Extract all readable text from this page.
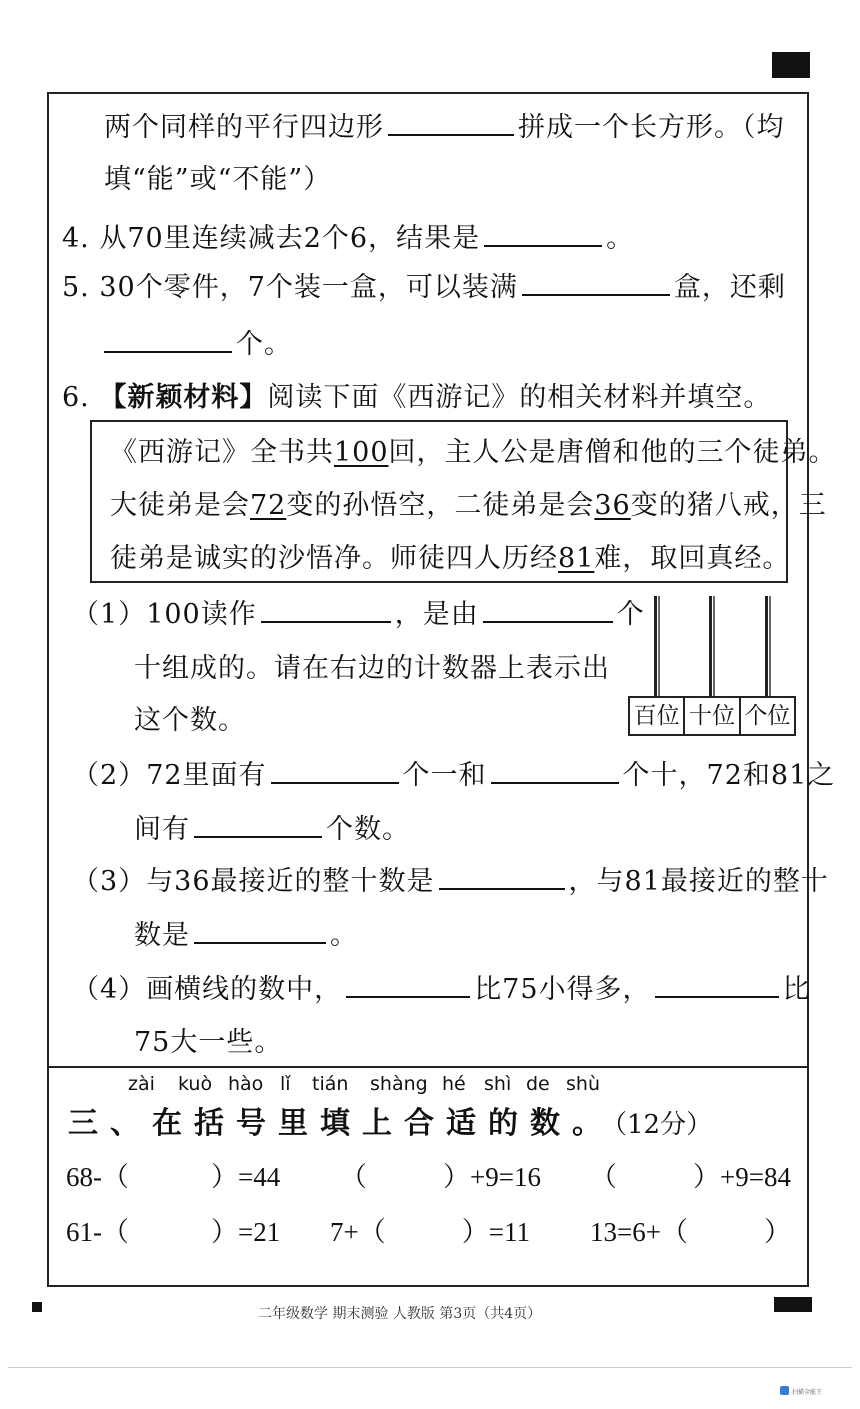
两个同样的平行四边形	拼成一个长方形。（均
填“能”或“不能”）
4. 从70里连续减去2个6，结果是	。
5. 30个零件，7个装一盒，可以装满	盒，还剩
个。
6. 【新颖材料】阅读下面《西游记》的相关材料并填空。
《西游记》全书共100回，主人公是唐僧和他的三个徒弟。
大徒弟是会72变的孙悟空，二徒弟是会36变的猪八戒，三
徒弟是诚实的沙悟净。师徒四人历经81难，取回真经。
（1）100读作	，是由	个
十组成的。请在右边的计数器上表示出
这个数。	百位 十位 个位
（2）72里面有	个一和	个十，72和81之
间有	个数。
（3）与36最接近的整十数是	，与81最接近的整十
数是	。
（4）画横线的数中，	比75小得多，	比
75大一些。
zài kuò hào lǐ tián shàng hé shì de shù
三、在括号里填上合适的数。（12分）
68-（	）=44 （	）+9=16 （	）+9=84
61-（	）=21 7+（	）=11 13=6+（	）
二年级数学 期末测验 人教版 第3页（共4页）
扫描全能王
